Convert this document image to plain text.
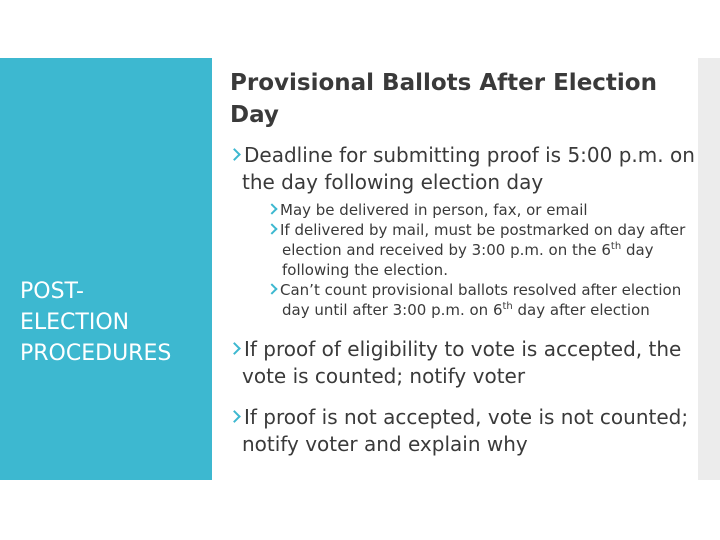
POST-
ELECTION
PROCEDURES
Provisional Ballots After Election Day
Deadline for submitting proof is 5:00 p.m. on the day following election day
May be delivered in person, fax, or email
If delivered by mail, must be postmarked on day after election and received by 3:00 p.m. on the 6th day following the election.
Can’t count provisional ballots resolved after election day until after 3:00 p.m. on 6th day after election
If proof of eligibility to vote is accepted, the vote is counted; notify voter
If proof is not accepted, vote is not counted; notify voter and explain why
